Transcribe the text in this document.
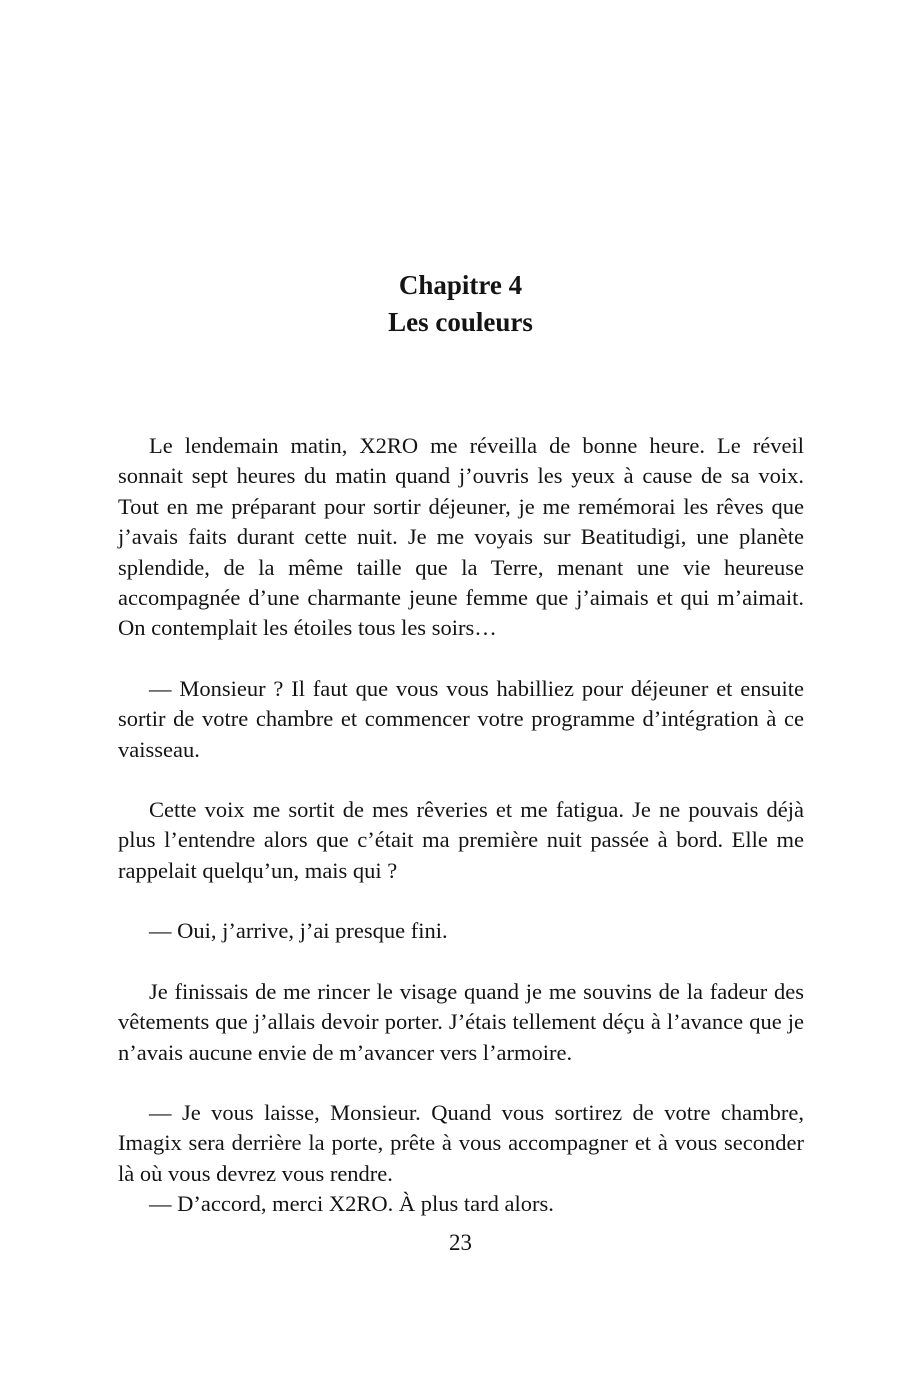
Chapitre 4
Les couleurs

Le lendemain matin, X2RO me réveilla de bonne heure. Le réveil sonnait sept heures du matin quand j’ouvris les yeux à cause de sa voix. Tout en me préparant pour sortir déjeuner, je me remémorai les rêves que j’avais faits durant cette nuit. Je me voyais sur Beatitudigi, une planète splendide, de la même taille que la Terre, menant une vie heureuse accompagnée d’une charmante jeune femme que j’aimais et qui m’aimait. On contemplait les étoiles tous les soirs…

— Monsieur ? Il faut que vous vous habilliez pour déjeuner et ensuite sortir de votre chambre et commencer votre programme d’intégration à ce vaisseau.

Cette voix me sortit de mes rêveries et me fatigua. Je ne pouvais déjà plus l’entendre alors que c’était ma première nuit passée à bord. Elle me rappelait quelqu’un, mais qui ?

— Oui, j’arrive, j’ai presque fini.

Je finissais de me rincer le visage quand je me souvins de la fadeur des vêtements que j’allais devoir porter. J’étais tellement déçu à l’avance que je n’avais aucune envie de m’avancer vers l’armoire.

— Je vous laisse, Monsieur. Quand vous sortirez de votre chambre, Imagix sera derrière la porte, prête à vous accompagner et à vous seconder là où vous devrez vous rendre.

— D’accord, merci X2RO. À plus tard alors.

23
